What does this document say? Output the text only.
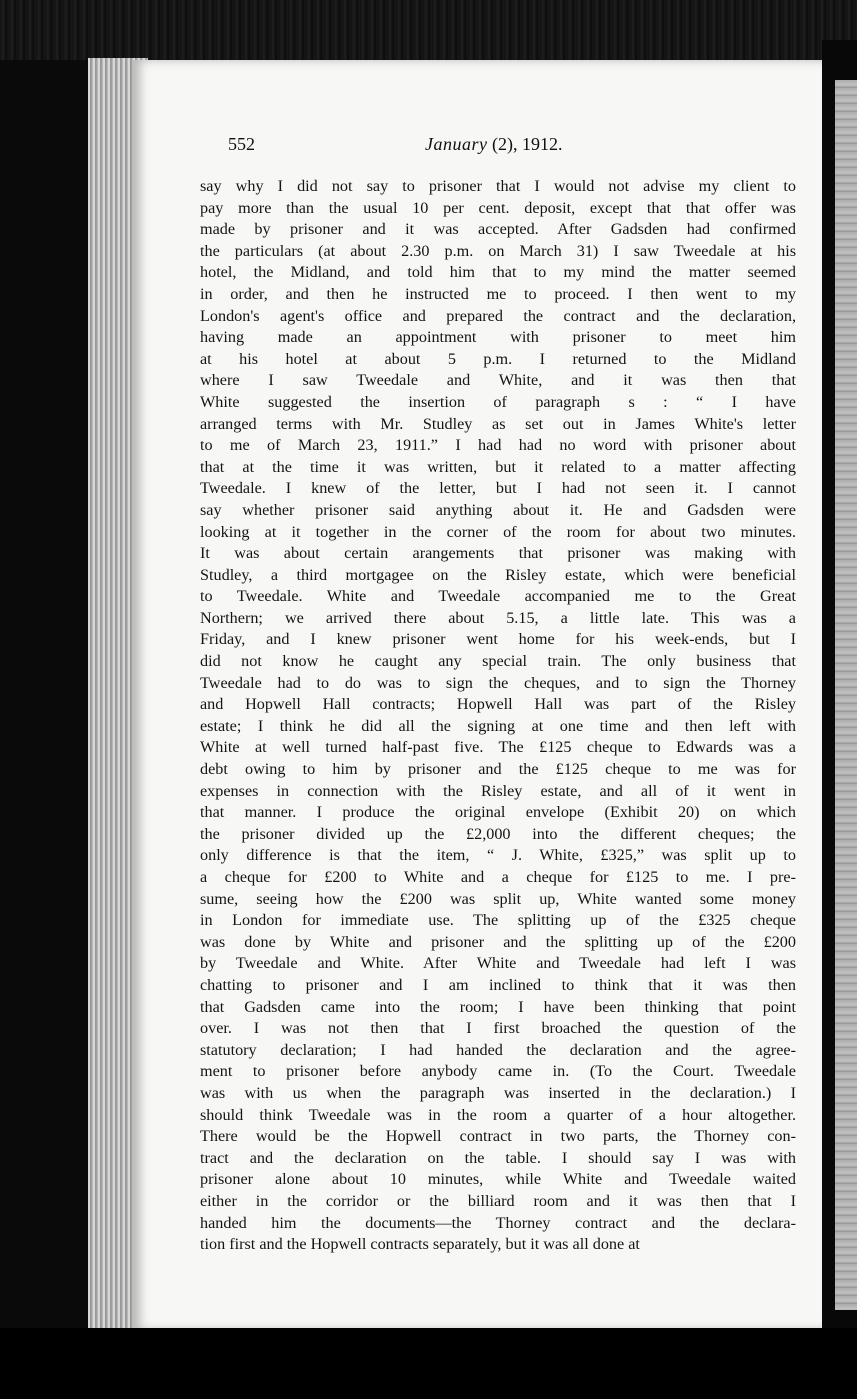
552	January (2), 1912.
say why I did not say to prisoner that I would not advise my client to
pay more than the usual 10 per cent. deposit, except that that offer was
made by prisoner and it was accepted. After Gadsden had confirmed
the particulars (at about 2.30 p.m. on March 31) I saw Tweedale at his
hotel, the Midland, and told him that to my mind the matter seemed
in order, and then he instructed me to proceed. I then went to my
London's agent's office and prepared the contract and the declaration,
having made an appointment with prisoner to meet him
at his hotel at about 5 p.m. I returned to the Midland
where I saw Tweedale and White, and it was then that
White suggested the insertion of paragraph s : “ I have
arranged terms with Mr. Studley as set out in James White's letter
to me of March 23, 1911.” I had had no word with prisoner about
that at the time it was written, but it related to a matter affecting
Tweedale. I knew of the letter, but I had not seen it. I cannot
say whether prisoner said anything about it. He and Gadsden were
looking at it together in the corner of the room for about two minutes.
It was about certain arangements that prisoner was making with
Studley, a third mortgagee on the Risley estate, which were beneficial
to Tweedale. White and Tweedale accompanied me to the Great
Northern; we arrived there about 5.15, a little late. This was a
Friday, and I knew prisoner went home for his week-ends, but I
did not know he caught any special train. The only business that
Tweedale had to do was to sign the cheques, and to sign the Thorney
and Hopwell Hall contracts; Hopwell Hall was part of the Risley
estate; I think he did all the signing at one time and then left with
White at well turned half-past five. The £125 cheque to Edwards was a
debt owing to him by prisoner and the £125 cheque to me was for
expenses in connection with the Risley estate, and all of it went in
that manner. I produce the original envelope (Exhibit 20) on which
the prisoner divided up the £2,000 into the different cheques; the
only difference is that the item, “ J. White, £325,” was split up to
a cheque for £200 to White and a cheque for £125 to me. I pre-
sume, seeing how the £200 was split up, White wanted some money
in London for immediate use. The splitting up of the £325 cheque
was done by White and prisoner and the splitting up of the £200
by Tweedale and White. After White and Tweedale had left I was
chatting to prisoner and I am inclined to think that it was then
that Gadsden came into the room; I have been thinking that point
over. I was not then that I first broached the question of the
statutory declaration; I had handed the declaration and the agree-
ment to prisoner before anybody came in. (To the Court. Tweedale
was with us when the paragraph was inserted in the declaration.) I
should think Tweedale was in the room a quarter of a hour altogether.
There would be the Hopwell contract in two parts, the Thorney con-
tract and the declaration on the table. I should say I was with
prisoner alone about 10 minutes, while White and Tweedale waited
either in the corridor or the billiard room and it was then that I
handed him the documents—the Thorney contract and the declara-
tion first and the Hopwell contracts separately, but it was all done at
